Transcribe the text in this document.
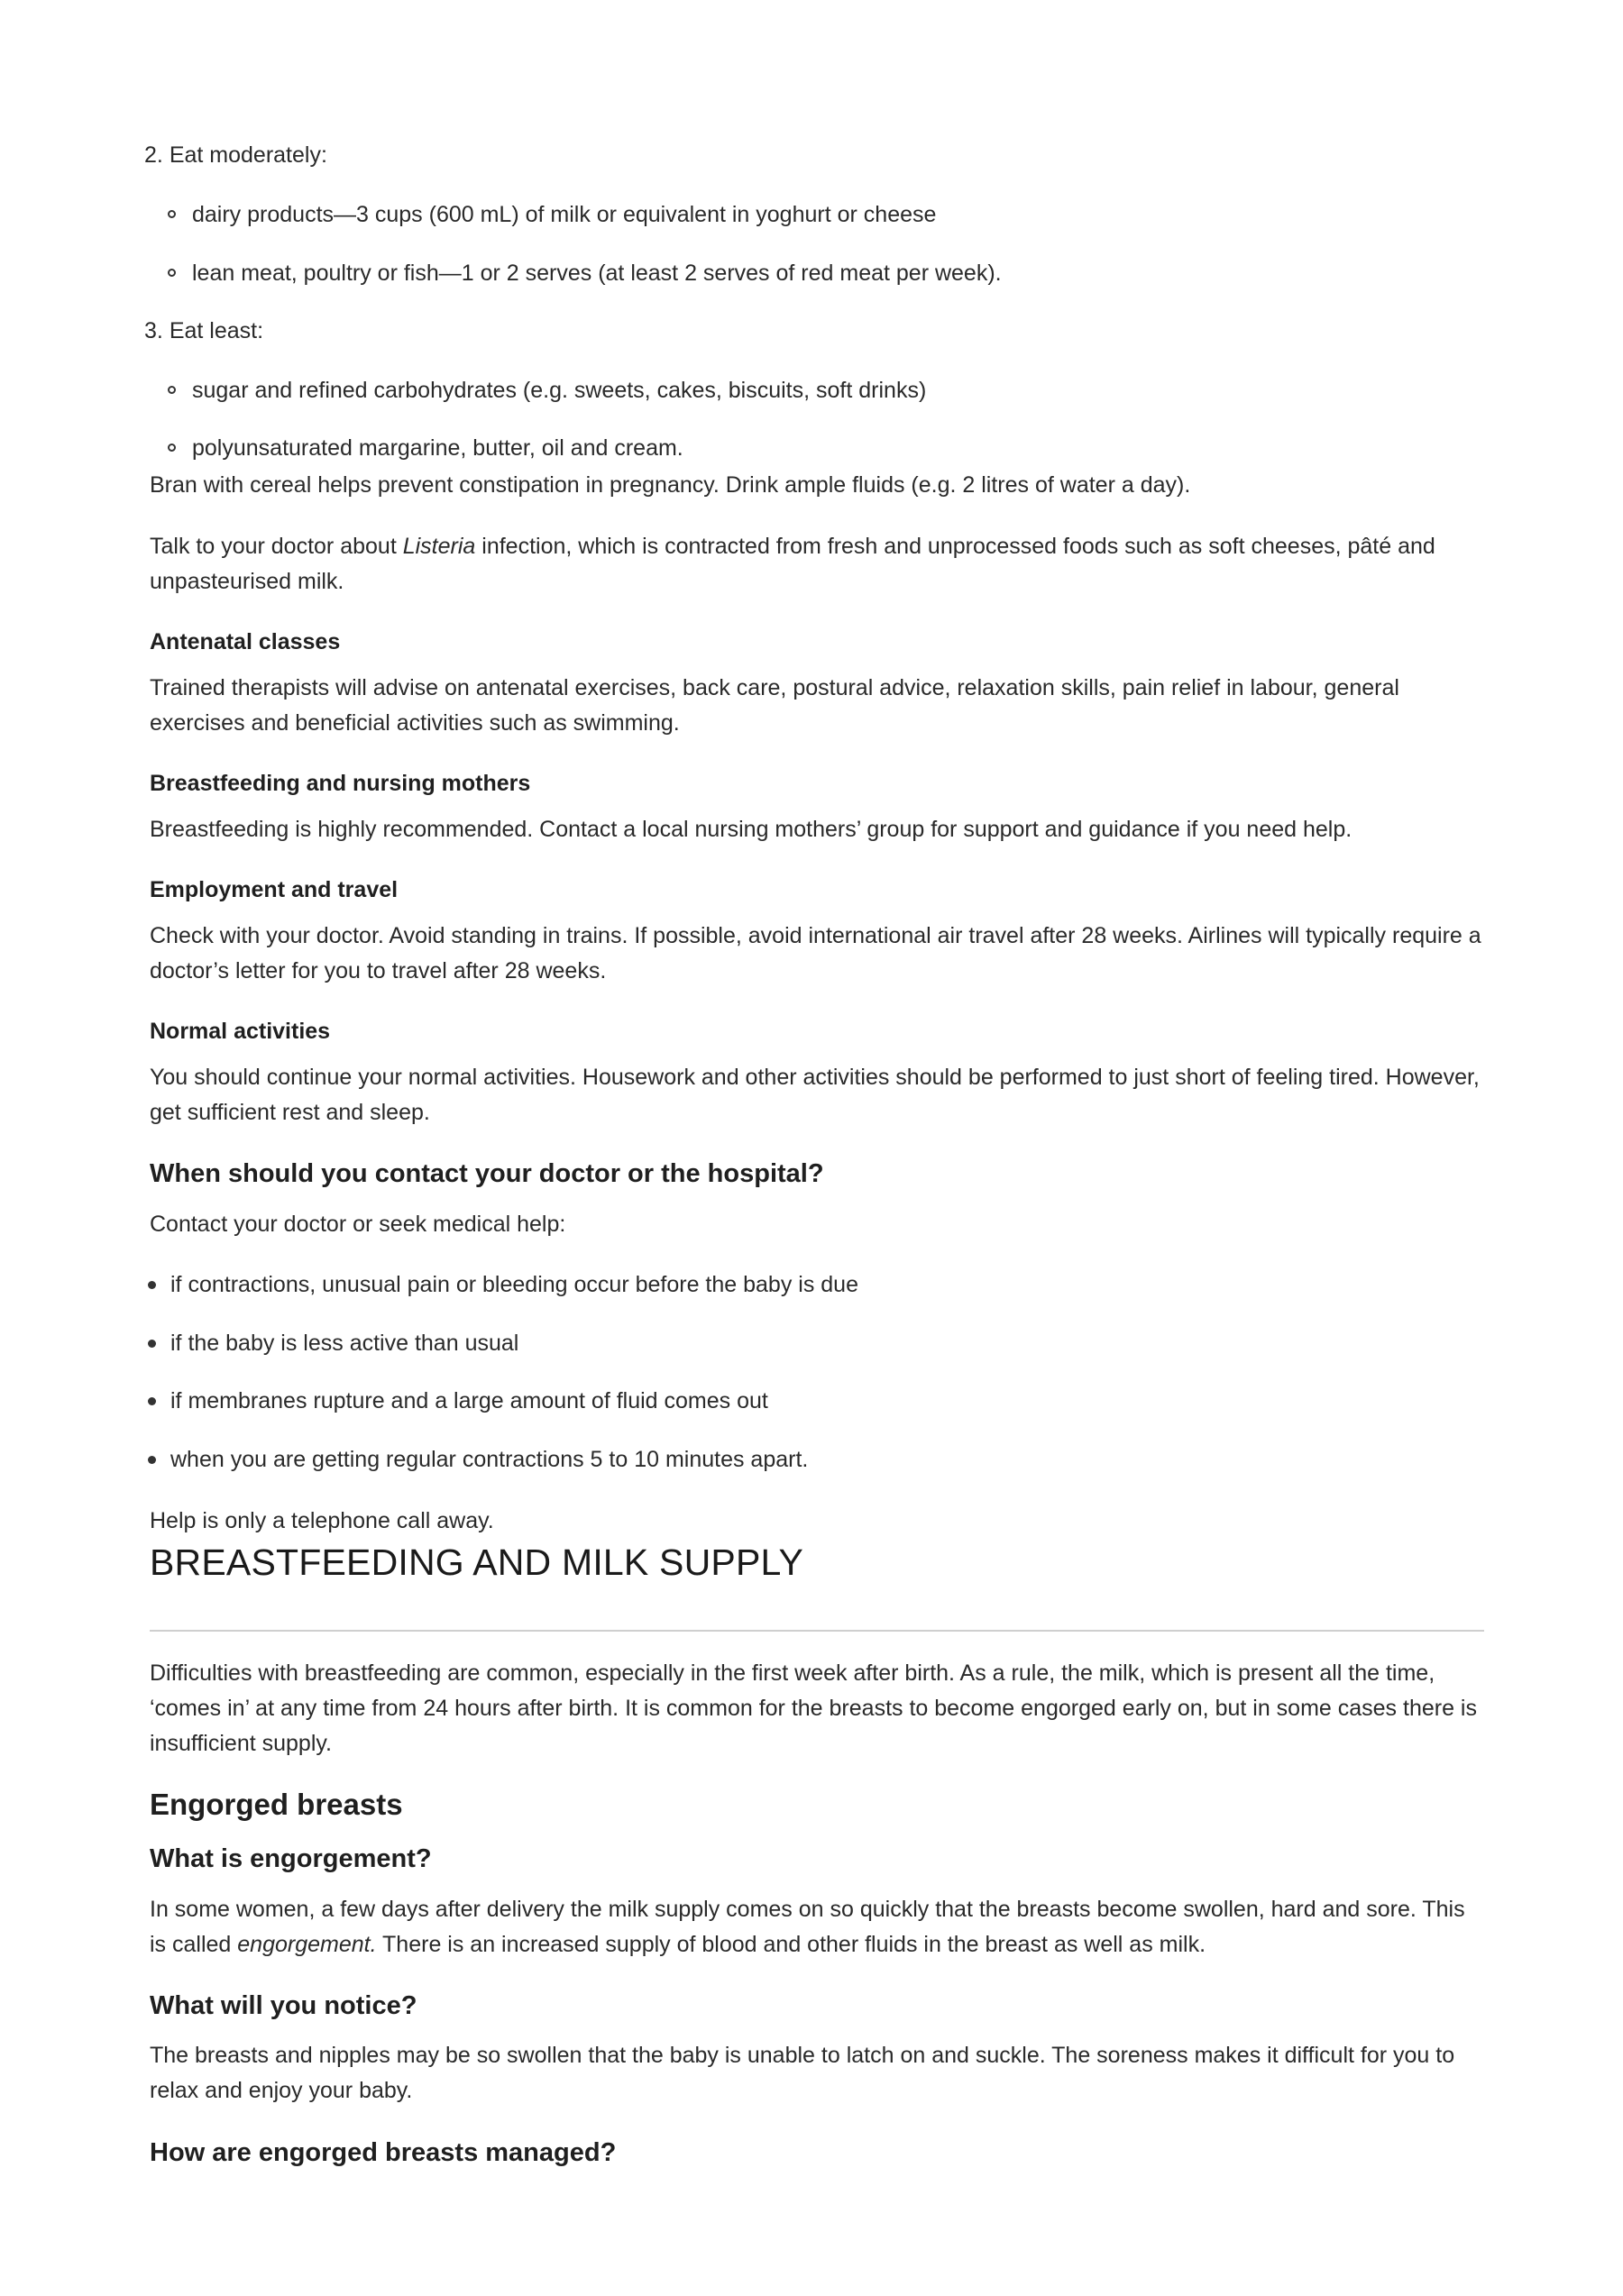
2. Eat moderately:
dairy products—3 cups (600 mL) of milk or equivalent in yoghurt or cheese
lean meat, poultry or fish—1 or 2 serves (at least 2 serves of red meat per week).
3. Eat least:
sugar and refined carbohydrates (e.g. sweets, cakes, biscuits, soft drinks)
polyunsaturated margarine, butter, oil and cream.

Bran with cereal helps prevent constipation in pregnancy. Drink ample fluids (e.g. 2 litres of water a day).

Talk to your doctor about Listeria infection, which is contracted from fresh and unprocessed foods such as soft cheeses, pâté and unpasteurised milk.

Antenatal classes

Trained therapists will advise on antenatal exercises, back care, postural advice, relaxation skills, pain relief in labour, general exercises and beneficial activities such as swimming.

Breastfeeding and nursing mothers

Breastfeeding is highly recommended. Contact a local nursing mothers’ group for support and guidance if you need help.

Employment and travel

Check with your doctor. Avoid standing in trains. If possible, avoid international air travel after 28 weeks. Airlines will typically require a doctor’s letter for you to travel after 28 weeks.

Normal activities

You should continue your normal activities. Housework and other activities should be performed to just short of feeling tired. However, get sufficient rest and sleep.

When should you contact your doctor or the hospital?

Contact your doctor or seek medical help:

if contractions, unusual pain or bleeding occur before the baby is due
if the baby is less active than usual
if membranes rupture and a large amount of fluid comes out
when you are getting regular contractions 5 to 10 minutes apart.

Help is only a telephone call away.

BREASTFEEDING AND MILK SUPPLY

Difficulties with breastfeeding are common, especially in the first week after birth. As a rule, the milk, which is present all the time, ‘comes in’ at any time from 24 hours after birth. It is common for the breasts to become engorged early on, but in some cases there is insufficient supply.

Engorged breasts
What is engorgement?

In some women, a few days after delivery the milk supply comes on so quickly that the breasts become swollen, hard and sore. This is called engorgement. There is an increased supply of blood and other fluids in the breast as well as milk.

What will you notice?

The breasts and nipples may be so swollen that the baby is unable to latch on and suckle. The soreness makes it difficult for you to relax and enjoy your baby.

How are engorged breasts managed?
